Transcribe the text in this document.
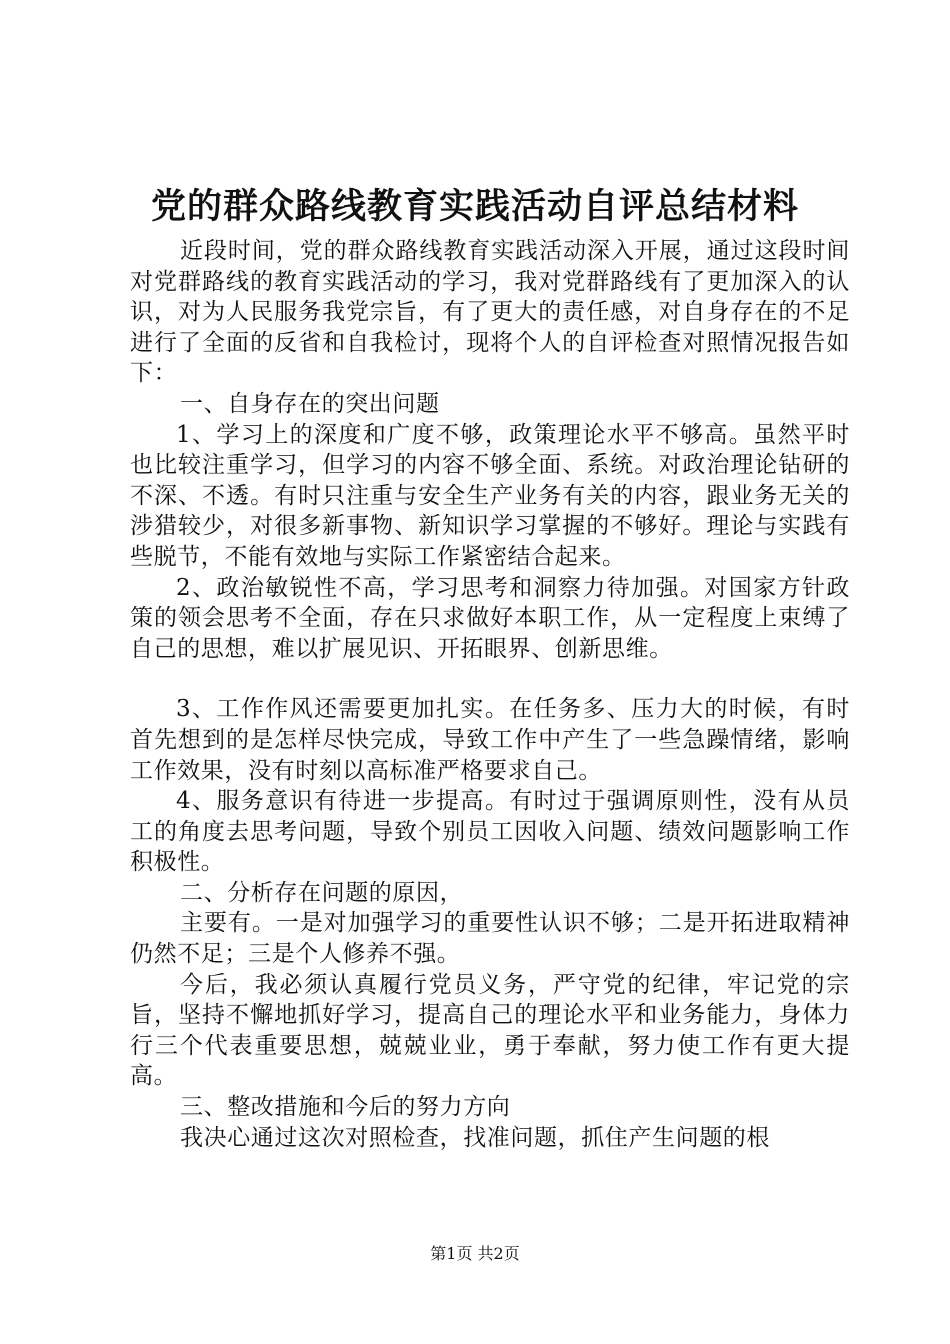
党的群众路线教育实践活动自评总结材料

近段时间，党的群众路线教育实践活动深入开展，通过这段时间对党群路线的教育实践活动的学习，我对党群路线有了更加深入的认识，对为人民服务我党宗旨，有了更大的责任感，对自身存在的不足进行了全面的反省和自我检讨，现将个人的自评检查对照情况报告如下：

一、自身存在的突出问题

1、学习上的深度和广度不够，政策理论水平不够高。虽然平时也比较注重学习，但学习的内容不够全面、系统。对政治理论钻研的不深、不透。有时只注重与安全生产业务有关的内容，跟业务无关的涉猎较少，对很多新事物、新知识学习掌握的不够好。理论与实践有些脱节，不能有效地与实际工作紧密结合起来。

2、政治敏锐性不高，学习思考和洞察力待加强。对国家方针政策的领会思考不全面，存在只求做好本职工作，从一定程度上束缚了自己的思想，难以扩展见识、开拓眼界、创新思维。

3、工作作风还需要更加扎实。在任务多、压力大的时候，有时首先想到的是怎样尽快完成，导致工作中产生了一些急躁情绪，影响工作效果，没有时刻以高标准严格要求自己。

4、服务意识有待进一步提高。有时过于强调原则性，没有从员工的角度去思考问题，导致个别员工因收入问题、绩效问题影响工作积极性。

二、分析存在问题的原因，

主要有。一是对加强学习的重要性认识不够；二是开拓进取精神仍然不足；三是个人修养不强。

今后，我必须认真履行党员义务，严守党的纪律，牢记党的宗旨，坚持不懈地抓好学习，提高自己的理论水平和业务能力，身体力行三个代表重要思想，兢兢业业，勇于奉献，努力使工作有更大提高。

三、整改措施和今后的努力方向

我决心通过这次对照检查，找准问题，抓住产生问题的根

第1页 共2页
